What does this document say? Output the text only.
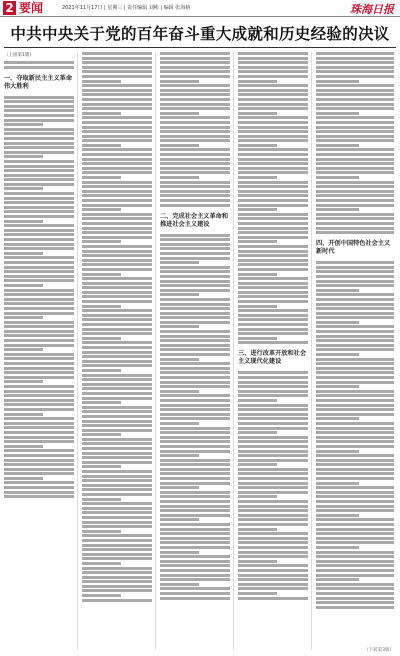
2 要闻	2021年11月17日 | 星期三 | 责任编辑 刘彬 | 编辑 张海榕	珠海日报
中共中央关于党的百年奋斗重大成就和历史经验的决议
（上接第1版）
一、夺取新民主主义革命伟大胜利
二、完成社会主义革命和推进社会主义建设
三、进行改革开放和社会主义现代化建设
四、开创中国特色社会主义新时代
（下转第3版）
